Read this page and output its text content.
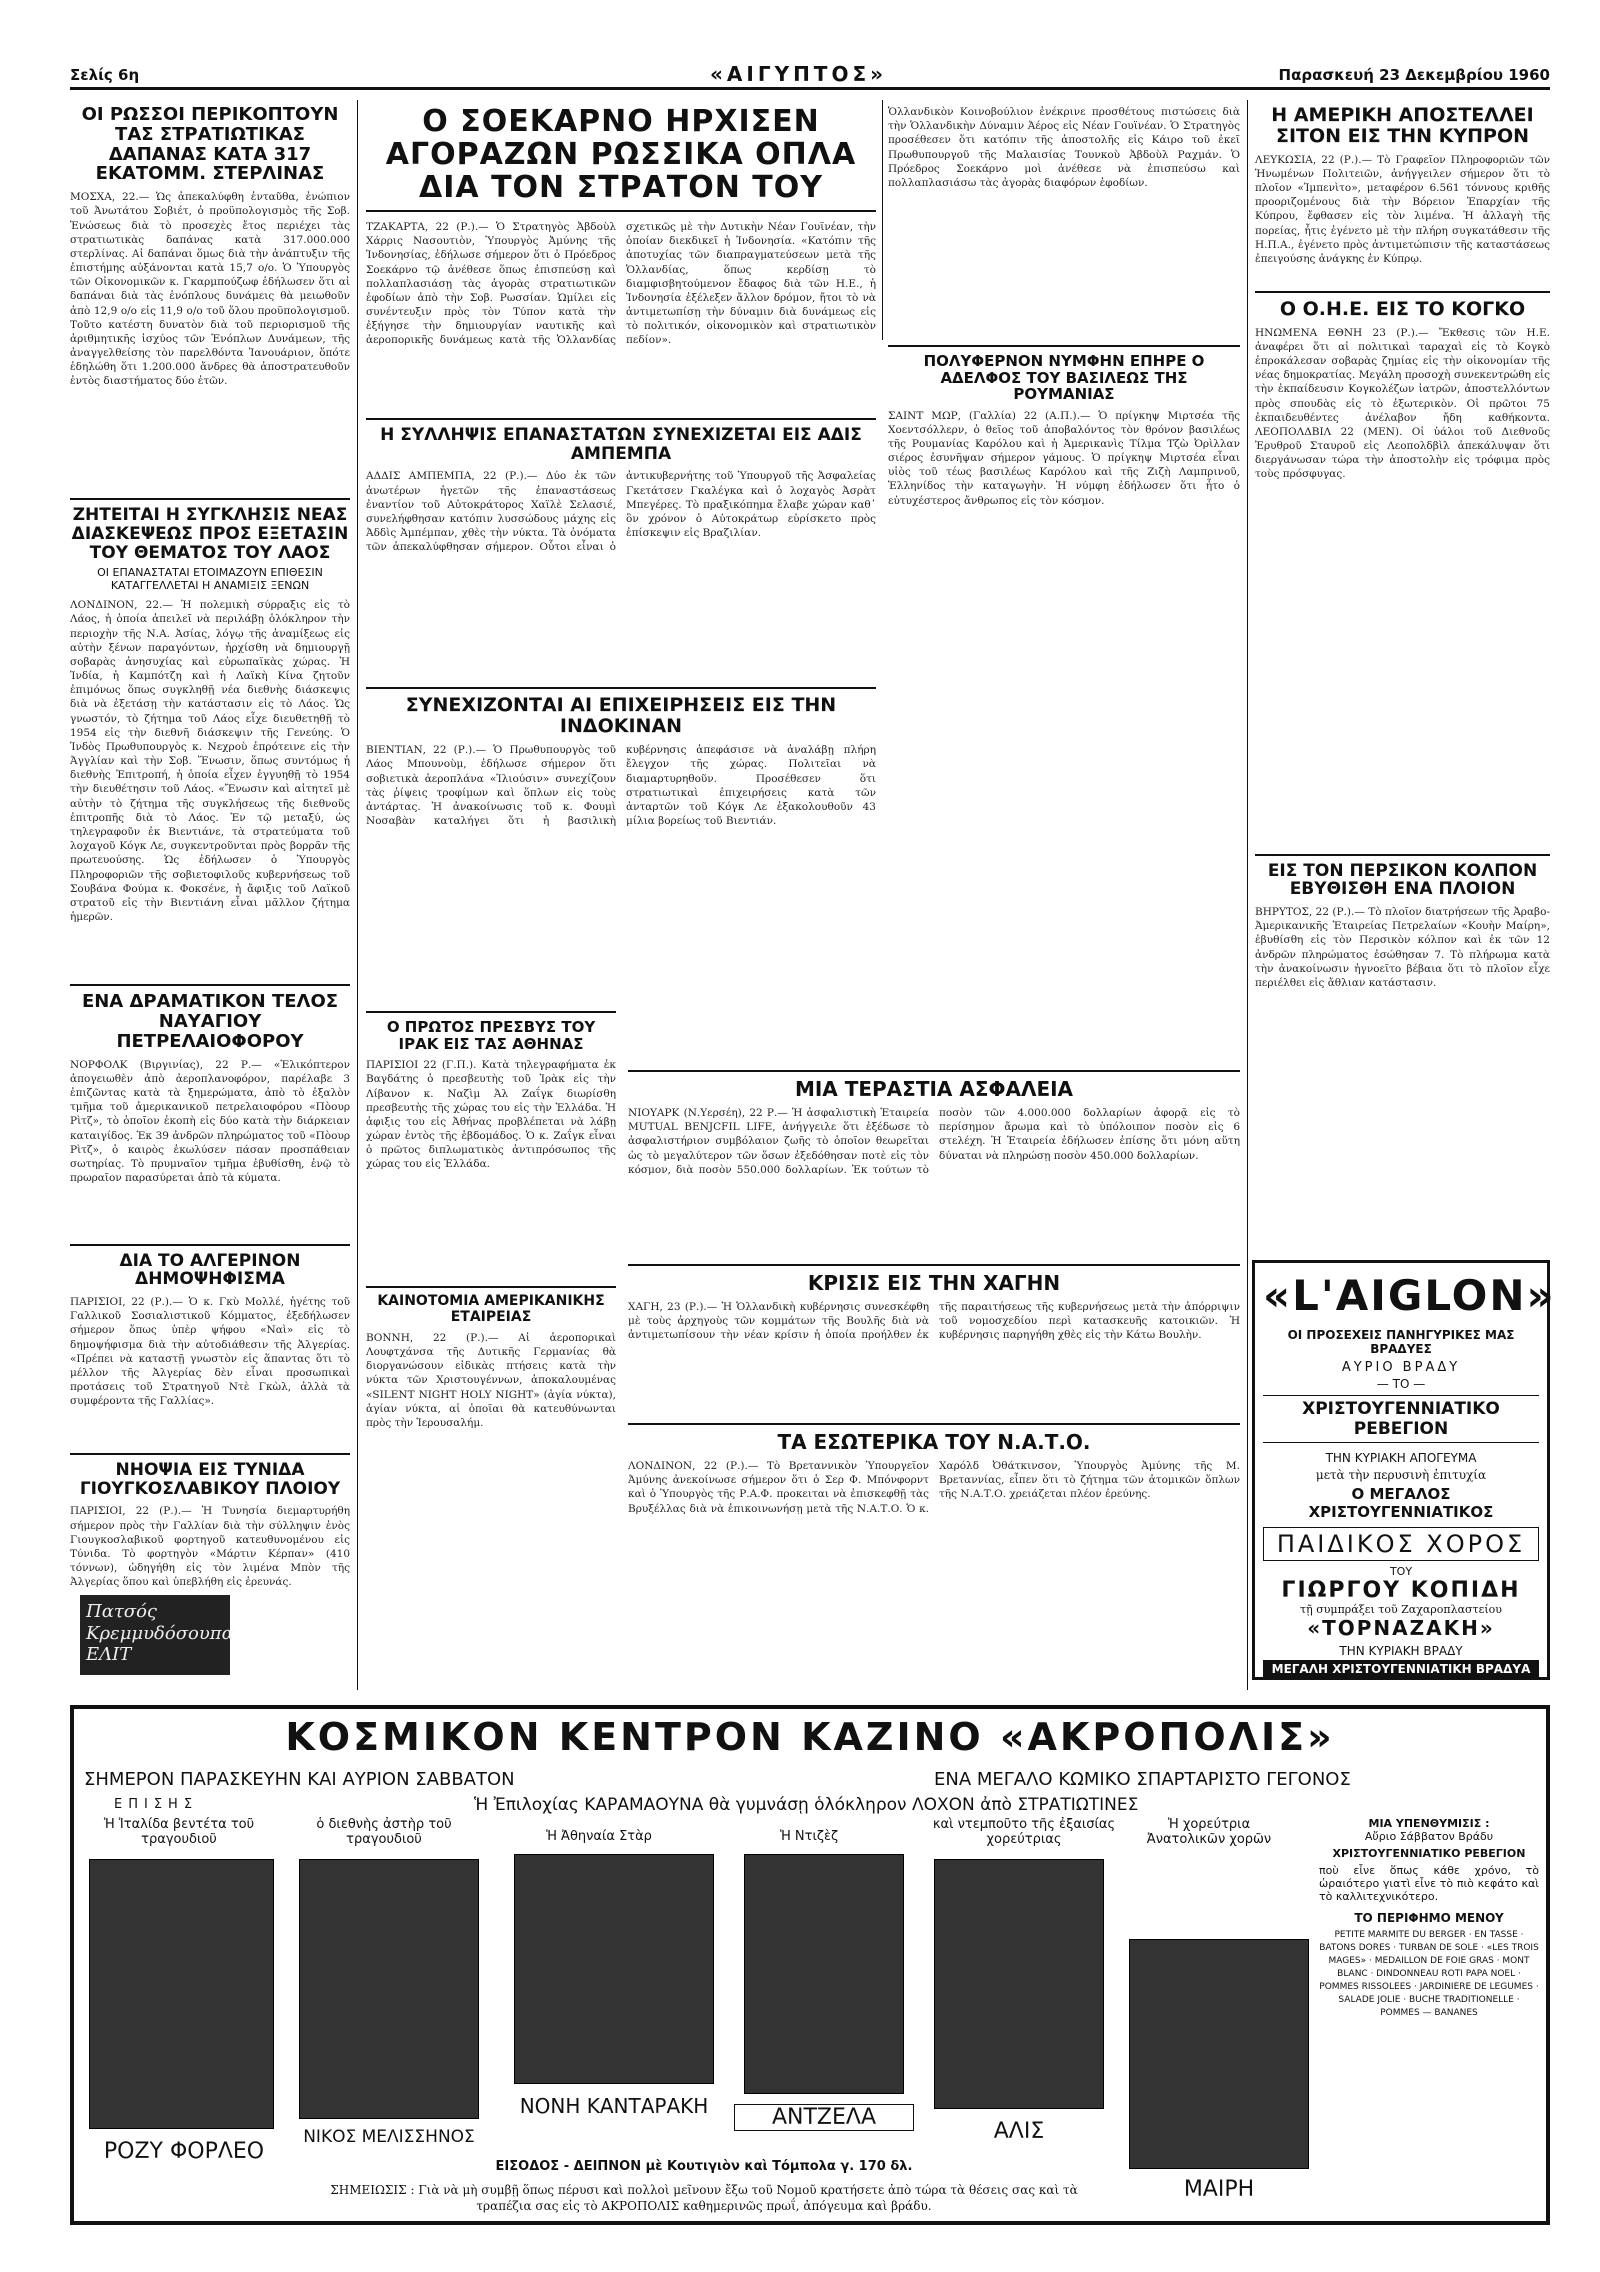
Σελίς 6η	«ΑΙΓΥΠΤΟΣ»	Παρασκευή 23 Δεκεμβρίου 1960
ΟΙ ΡΩΣΣΟΙ ΠΕΡΙΚΟΠΤΟΥΝ ΤΑΣ ΣΤΡΑΤΙΩΤΙΚΑΣ ΔΑΠΑΝΑΣ ΚΑΤΑ 317 ΕΚΑΤΟΜΜ. ΣΤΕΡΛΙΝΑΣ
ΜΟΣΧΑ, 22.— Ὡς ἀπεκαλύφθη ἐνταῦθα, ἐνώπιον τοῦ Ἀνωτάτου Σοβιέτ, ὁ προϋπολογισμὸς τῆς Σοβ. Ἑνώσεως διὰ τὸ προσεχὲς ἔτος περιέχει τὰς στρατιωτικὰς δαπάνας κατὰ 317.000.000 στερλίνας. Αἱ δαπάναι ὅμως διὰ τὴν ἀνάπτυξιν τῆς ἐπιστήμης αὐξάνονται κατὰ 15,7 ο/ο. Ὁ Ὑπουργὸς τῶν Οἰκονομικῶν κ. Γκαρμπούζωφ ἐδήλωσεν ὅτι αἱ δαπάναι διὰ τὰς ἐνόπλους δυνάμεις θὰ μειωθοῦν ἀπὸ 12,9 ο/ο εἰς 11,9 ο/ο τοῦ ὅλου προϋπολογισμοῦ. Τοῦτο κατέστη δυνατὸν διὰ τοῦ περιορισμοῦ τῆς ἀριθμητικῆς ἰσχύος τῶν Ἐνόπλων Δυνάμεων, τῆς ἀναγγελθείσης τὸν παρελθόντα Ἰανουάριον, ὅπότε ἐδηλώθη ὅτι 1.200.000 ἄνδρες θὰ ἀποστρατευθοῦν ἐντὸς διαστήματος δύο ἐτῶν.
ΖΗΤΕΙΤΑΙ Η ΣΥΓΚΛΗΣΙΣ ΝΕΑΣ ΔΙΑΣΚΕΨΕΩΣ ΠΡΟΣ ΕΞΕΤΑΣΙΝ ΤΟΥ ΘΕΜΑΤΟΣ ΤΟΥ ΛΑΟΣ
ΟΙ ΕΠΑΝΑΣΤΑΤΑΙ ΕΤΟΙΜΑΖΟΥΝ ΕΠΙΘΕΣΙΝ ΚΑΤΑΓΓΕΛΛΕΤΑΙ Η ΑΝΑΜΙΞΙΣ ΞΕΝΩΝ
ΛΟΝΔΙΝΟΝ, 22.— Ἡ πολεμικὴ σύρραξις εἰς τὸ Λάος, ἡ ὁποία ἀπειλεῖ νὰ περιλάβῃ ὁλόκληρον τὴν περιοχὴν τῆς Ν.Α. Ἀσίας, λόγῳ τῆς ἀναμίξεως εἰς αὐτὴν ξένων παραγόντων, ἠρχίσθη νὰ δημιουργῇ σοβαρὰς ἀνησυχίας καὶ εὐρωπαϊκὰς χώρας. Ἡ Ἰνδία, ἡ Καμπότζη καὶ ἡ Λαϊκὴ Κίνα ζητοῦν ἐπιμόνως ὅπως συγκληθῇ νέα διεθνὴς διάσκεψις διὰ νὰ ἐξετάσῃ τὴν κατάστασιν εἰς τὸ Λάος. Ὡς γνωστόν, τὸ ζήτημα τοῦ Λάος εἶχε διευθετηθῇ τὸ 1954 εἰς τὴν διεθνῆ διάσκεψιν τῆς Γενεύης. Ὁ Ἰνδὸς Πρωθυπουργὸς κ. Νεχροὺ ἐπρότεινε εἰς τὴν Ἀγγλίαν καὶ τὴν Σοβ. Ἕνωσιν, ὅπως συντόμως ἡ διεθνὴς Ἐπιτροπή, ἡ ὁποία εἶχεν ἐγγυηθῇ τὸ 1954 τὴν διευθέτησιν τοῦ Λάος. «Ἔνωσιν καὶ αἰτητεῖ μὲ αὐτὴν τὸ ζήτημα τῆς συγκλήσεως τῆς διεθνοῦς ἐπιτροπῆς διὰ τὸ Λάος. Ἐν τῷ μεταξύ, ὡς τηλεγραφοῦν ἐκ Βιεντιάνε, τὰ στρατεύματα τοῦ λοχαγοῦ Κόγκ Λε, συγκεντροῦνται πρὸς βορρᾶν τῆς πρωτευούσης. Ὡς ἐδήλωσεν ὁ Ὑπουργὸς Πληροφοριῶν τῆς σοβιετοφιλοῦς κυβερνήσεως τοῦ Σουβάνα Φούμα κ. Φοκσένε, ἡ ἄφιξις τοῦ Λαϊκοῦ στρατοῦ εἰς τὴν Βιεντιάνη εἶναι μᾶλλον ζήτημα ἡμερῶν.
ΕΝΑ ΔΡΑΜΑΤΙΚΟΝ ΤΕΛΟΣ ΝΑΥΑΓΙΟΥ ΠΕΤΡΕΛΑΙΟΦΟΡΟΥ
ΝΟΡΦΟΛΚ (Βιργινίας), 22 Ρ.— «Ἐλικόπτερον ἀπογειωθὲν ἀπὸ ἀεροπλανοφόρον, παρέλαβε 3 ἐπιζῶντας κατὰ τὰ ξημερώματα, ἀπὸ τὸ ἐξαλὸν τμῆμα τοῦ ἀμερικανικοῦ πετρελαιοφόρου «Πὸουρ Ρὶτζ», τὸ ὁποῖον ἐκοπὴ εἰς δύο κατὰ τὴν διάρκειαν καταιγίδος. Ἐκ 39 ἀνδρῶν πληρώματος τοῦ «Πὸουρ Ρὶτζ», ὁ καιρὸς ἐκωλύσεν πάσαν προσπάθειαν σωτηρίας. Τὸ πρυμναῖον τμῆμα ἐβυθίσθη, ἐνῷ τὸ πρωραῖον παρασύρεται ἀπὸ τὰ κύματα.
ΔΙΑ ΤΟ ΑΛΓΕΡΙΝΟΝ ΔΗΜΟΨΗΦΙΣΜΑ
ΠΑΡΙΣΙΟΙ, 22 (Ρ.).— Ὁ κ. Γκὺ Μολλέ, ἡγέτης τοῦ Γαλλικοῦ Σοσιαλιστικοῦ Κόμματος, ἐξεδήλωσεν σήμερον ὅπως ὑπὲρ ψήφου «Ναὶ» εἰς τὸ δημοψήφισμα διὰ τὴν αὐτοδιάθεσιν τῆς Ἀλγερίας. «Πρέπει νὰ καταστῇ γνωστὸν εἰς ἅπαντας ὅτι τὸ μέλλον τῆς Ἀλγερίας δὲν εἶναι προσωπικαὶ προτάσεις τοῦ Στρατηγοῦ Ντὲ Γκὼλ, ἀλλὰ τὰ συμφέροντα τῆς Γαλλίας».
ΝΗΟΨΙΑ ΕΙΣ ΤΥΝΙΔΑ ΓΙΟΥΓΚΟΣΛΑΒΙΚΟΥ ΠΛΟΙΟΥ
ΠΑΡΙΣΙΟΙ, 22 (Ρ.).— Ἡ Τυνησία διεμαρτυρήθη σήμερον πρὸς τὴν Γαλλίαν διὰ τὴν σύλληψιν ἑνὸς Γιουγκοσλαβικοῦ φορτηγοῦ κατευθυνομένου εἰς Τύνιδα. Τὸ φορτηγὸν «Μάρτιν Κέρπαν» (410 τόννων), ὡδηγήθη εἰς τὸν λιμένα Μπὸν τῆς Ἀλγερίας ὅπου καὶ ὑπεβλήθη εἰς ἐρευνάς.
Πατσός Κρεμμυδόσουπα ΕΛΙΤ
Ο ΣΟΕΚΑΡΝΟ ΗΡΧΙΣΕΝ ΑΓΟΡΑΖΩΝ ΡΩΣΣΙΚΑ ΟΠΛΑ ΔΙΑ ΤΟΝ ΣΤΡΑΤΟΝ ΤΟΥ
ΤΖΑΚΑΡΤΑ, 22 (Ρ.).— Ὁ Στρατηγὸς Ἀβδοὺλ Χάρρις Νασουτιὸν, Ὑπουργὸς Ἀμύνης τῆς Ἰνδονησίας, ἐδήλωσε σήμερον ὅτι ὁ Πρόεδρος Σοεκάρνο τῷ ἀνέθεσε ὅπως ἐπισπεύσῃ καὶ πολλαπλασιάσῃ τὰς ἀγορὰς στρατιωτικῶν ἐφοδίων ἀπὸ τὴν Σοβ. Ρωσσίαν. Ὡμίλει εἰς συνέντευξιν πρὸς τὸν Τύπον κατὰ τὴν ἐξήγησε τὴν δημιουργίαν ναυτικῆς καὶ ἀεροπορικῆς δυνάμεως κατὰ τῆς Ὁλλανδίας σχετικῶς μὲ τὴν Δυτικὴν Νέαν Γουϊνέαν, τὴν ὁποίαν διεκδικεῖ ἡ Ἰνδονησία. «Κατόπιν τῆς ἀποτυχίας τῶν διαπραγματεύσεων μετὰ τῆς Ὁλλανδίας, ὅπως κερδίσῃ τὸ διαμφισβητούμενον ἔδαφος διὰ τῶν Η.Ε., ἡ Ἰνδονησία ἐξέλεξεν ἄλλον δρόμον, ἤτοι τὸ νὰ ἀντιμετωπίσῃ τὴν δύναμιν διὰ δυνάμεως εἰς τὸ πολιτικόν, οἰκονομικὸν καὶ στρατιωτικὸν πεδίον».
Η ΣΥΛΛΗΨΙΣ ΕΠΑΝΑΣΤΑΤΩΝ ΣΥΝΕΧΙΖΕΤΑΙ ΕΙΣ ΑΔΙΣ ΑΜΠΕΜΠΑ
ΑΔΔΙΣ ΑΜΠΕΜΠΑ, 22 (Ρ.).— Δύο ἐκ τῶν ἀνωτέρων ἡγετῶν τῆς ἐπαναστάσεως ἐναντίον τοῦ Αὐτοκράτορος Χαϊλὲ Σελασιέ, συνελήφθησαν κατόπιν λυσσώδους μάχης εἰς Ἀδδὶς Ἀμπέμπαν, χθὲς τὴν νύκτα. Τὰ ὀνόματα τῶν ἀπεκαλύφθησαν σήμερον. Οὗτοι εἶναι ὁ ἀντικυβερνήτης τοῦ Ὑπουργοῦ τῆς Ἀσφαλείας Γκετάτσεν Γκαλέγκα καὶ ὁ λοχαγὸς Ἀσρὰτ Μπεγέρες. Τὸ πραξικόπημα ἔλαβε χώραν καθ᾽ ὃν χρόνον ὁ Αὐτοκράτωρ εὑρίσκετο πρὸς ἐπίσκεψιν εἰς Βραζιλίαν.
ΣΥΝΕΧΙΖΟΝΤΑΙ ΑΙ ΕΠΙΧΕΙΡΗΣΕΙΣ ΕΙΣ ΤΗΝ ΙΝΔΟΚΙΝΑΝ
ΒΙΕΝΤΙΑΝ, 22 (Ρ.).— Ὁ Πρωθυπουργὸς τοῦ Λάος Μπουνοὺμ, ἐδήλωσε σήμερον ὅτι σοβιετικὰ ἀεροπλάνα «Ἰλιούσιν» συνεχίζουν τὰς ῥίψεις τροφίμων καὶ ὅπλων εἰς τοὺς ἀντάρτας. Ἡ ἀνακοίνωσις τοῦ κ. Φουμὶ Νοσαβὰν καταλήγει ὅτι ἡ βασιλικὴ κυβέρνησις ἀπεφάσισε νὰ ἀναλάβῃ πλήρη ἔλεγχον τῆς χώρας. Πολιτεῖαι νὰ διαμαρτυρηθοῦν. Προσέθεσεν ὅτι στρατιωτικαὶ ἐπιχειρήσεις κατὰ τῶν ἀνταρτῶν τοῦ Κόγκ Λε ἐξακολουθοῦν 43 μίλια βορείως τοῦ Βιεντιάν.
Ο ΠΡΩΤΟΣ ΠΡΕΣΒΥΣ ΤΟΥ ΙΡΑΚ ΕΙΣ ΤΑΣ ΑΘΗΝΑΣ
ΠΑΡΙΣΙΟΙ 22 (Γ.Π.). Κατὰ τηλεγραφήματα ἐκ Βαγδάτης ὁ πρεσβευτὴς τοῦ Ἰρὰκ εἰς τὴν Λίβανον κ. Ναζὶμ Ἀλ Ζαΐγκ διωρίσθη πρεσβευτὴς τῆς χώρας του εἰς τὴν Ἑλλάδα. Ἡ ἀφιξις του εἰς Ἀθήνας προβλέπεται νὰ λάβῃ χώραν ἐντὸς τῆς ἑβδομάδος. Ὁ κ. Ζαΐγκ εἶναι ὁ πρῶτος διπλωματικὸς ἀντιπρόσωπος τῆς χώρας του εἰς Ἑλλάδα.
ΚΑΙΝΟΤΟΜΙΑ ΑΜΕΡΙΚΑΝΙΚΗΣ ΕΤΑΙΡΕΙΑΣ
ΒΟΝΝΗ, 22 (Ρ.).— Αἱ ἀεροπορικαὶ Λουφτχάνσα τῆς Δυτικῆς Γερμανίας θὰ διοργανώσουν εἰδικὰς πτήσεις κατὰ τὴν νύκτα τῶν Χριστουγέννων, ἀποκαλουμένας «SILENT NIGHT HOLY NIGHT» (ἁγία νύκτα), ἀγίαν νύκτα, αἱ ὁποῖαι θὰ κατευθύνωνται πρὸς τὴν Ἱερουσαλήμ.
Ὁλλανδικὸν Κοινοβούλιον ἐνέκρινε προσθέτους πιστώσεις διὰ τὴν Ὁλλανδικὴν Δύναμιν Ἀέρος εἰς Νέαν Γουϊνέαν. Ὁ Στρατηγὸς προσέθεσεν ὅτι κατόπιν τῆς ἀποστολῆς εἰς Κάιρο τοῦ ἐκεῖ Πρωθυπουργοῦ τῆς Μαλαισίας Τουνκοὺ Ἀβδοὺλ Ραχμάν. Ὁ Πρόεδρος Σοεκάρνο μοὶ ἀνέθεσε νὰ ἐπισπεύσω καὶ πολλαπλασιάσω τὰς ἀγορὰς διαφόρων ἐφοδίων.
ΠΟΛΥΦΕΡΝΟΝ ΝΥΜΦΗΝ ΕΠΗΡΕ Ο ΑΔΕΛΦΟΣ ΤΟΥ ΒΑΣΙΛΕΩΣ ΤΗΣ ΡΟΥΜΑΝΙΑΣ
ΣΑΙΝΤ ΜΩΡ, (Γαλλία) 22 (Α.Π.).— Ὁ πρίγκηψ Μιρτσέα τῆς Χοεντσόλλερν, ὁ θεῖος τοῦ ἀποβαλόντος τὸν θρόνον βασιλέως τῆς Ρουμανίας Καρόλου καὶ ἡ Ἀμερικανὶς Τίλμα Τζὼ Ὀρὶλλαν σιέρος ἐσυνῆψαν σήμερον γάμους. Ὁ πρίγκηψ Μιρτσέα εἶναι υἱὸς τοῦ τέως βασιλέως Καρόλου καὶ τῆς Ζιζὴ Λαμπρινοῦ, Ἑλληνίδος τὴν καταγωγὴν. Ἡ νύμφη ἐδήλωσεν ὅτι ἦτο ὁ εὐτυχέστερος ἄνθρωπος εἰς τὸν κόσμον.
ΜΙΑ ΤΕΡΑΣΤΙΑ ΑΣΦΑΛΕΙΑ
ΝΙΟΥΑΡΚ (Ν.Υερσέη), 22 Ρ.— Ἡ ἀσφαλιστικὴ Ἑταιρεία MUTUAL BENJCFIL LIFE, ἀνήγγειλε ὅτι ἐξέδωσε τὸ ἀσφαλιστήριον συμβόλαιον ζωῆς τὸ ὁποῖον θεωρεῖται ὡς τὸ μεγαλύτερον τῶν ὅσων ἐξεδόθησαν ποτὲ εἰς τὸν κόσμον, διὰ ποσὸν 550.000 δολλαρίων. Ἐκ τούτων τὸ ποσὸν τῶν 4.000.000 δολλαρίων ἀφορᾷ εἰς τὸ περίσημον ἄρωμα καὶ τὸ ὑπόλοιπον ποσὸν εἰς 6 στελέχη. Ἡ Ἑταιρεία ἐδήλωσεν ἐπίσης ὅτι μόνη αὕτη δύναται νὰ πληρώσῃ ποσὸν 450.000 δολλαρίων.
ΚΡΙΣΙΣ ΕΙΣ ΤΗΝ ΧΑΓΗΝ
ΧΑΓΗ, 23 (Ρ.).— Ἡ Ὁλλανδικὴ κυβέρνησις συνεσκέφθη μὲ τοὺς ἀρχηγοὺς τῶν κομμάτων τῆς Βουλῆς διὰ νὰ ἀντιμετωπίσουν τὴν νέαν κρίσιν ἡ ὁποία προήλθεν ἐκ τῆς παραιτήσεως τῆς κυβερνήσεως μετὰ τὴν ἀπόρριψιν τοῦ νομοσχεδίου περὶ κατασκευῆς κατοικιῶν. Ἡ κυβέρνησις παρηγήθη χθὲς εἰς τὴν Κάτω Βουλὴν.
ΤΑ ΕΣΩΤΕΡΙΚΑ ΤΟΥ Ν.Α.Τ.Ο.
ΛΟΝΔΙΝΟΝ, 22 (Ρ.).— Τὸ Βρεταννικὸν Ὑπουργεῖον Ἀμύνης ἀνεκοίνωσε σήμερον ὅτι ὁ Σερ Φ. Μπόνφορντ καὶ ὁ Ὑπουργὸς τῆς Ρ.Α.Φ. προκειται νὰ ἐπισκεφθῇ τὰς Βρυξέλλας διὰ νὰ ἐπικοινωνήσῃ μετὰ τῆς Ν.Α.Τ.Ο. Ὁ κ. Χαρόλδ Ὀθάτκινσον, Ὑπουργὸς Ἀμύνης τῆς Μ. Βρεταννίας, εἶπεν ὅτι τὸ ζήτημα τῶν ἀτομικῶν ὅπλων τῆς Ν.Α.Τ.Ο. χρειάζεται πλέον ἐρεύνης.
Η ΑΜΕΡΙΚΗ ΑΠΟΣΤΕΛΛΕΙ ΣΙΤΟΝ ΕΙΣ ΤΗΝ ΚΥΠΡΟΝ
ΛΕΥΚΩΣΙΑ, 22 (Ρ.).— Τὸ Γραφεῖον Πληροφοριῶν τῶν Ἡνωμένων Πολιτειῶν, ἀνήγγειλεν σήμερον ὅτι τὸ πλοῖον «Ἰμπενὶτο», μεταφέρον 6.561 τόννους κριθῆς προοριζομένους διὰ τὴν Βόρειον Ἐπαρχίαν τῆς Κύπρου, ἔφθασεν εἰς τὸν λιμένα. Ἡ ἀλλαγὴ τῆς πορείας, ἦτις ἐγένετο μὲ τὴν πλήρη συγκατάθεσιν τῆς Η.Π.Α., ἐγένετο πρὸς ἀντιμετώπισιν τῆς καταστάσεως ἐπειγούσης ἀνάγκης ἐν Κύπρῳ.
Ο Ο.Η.Ε. ΕΙΣ ΤΟ ΚΟΓΚΟ
ΗΝΩΜΕΝΑ ΕΘΝΗ 23 (Ρ.).— Ἔκθεσις τῶν Η.Ε. ἀναφέρει ὅτι αἱ πολιτικαὶ ταραχαὶ εἰς τὸ Κογκὸ ἐπροκάλεσαν σοβαρὰς ζημίας εἰς τὴν οἰκονομίαν τῆς νέας δημοκρατίας. Μεγάλη προσοχὴ συνεκεντρώθη εἰς τὴν ἐκπαίδευσιν Κογκολέζων ἰατρῶν, ἀποστελλόντων πρὸς σπουδὰς εἰς τὸ ἐξωτερικὸν. Οἱ πρῶτοι 75 ἐκπαιδευθέντες ἀνέλαβον ἤδη καθήκοντα. ΛΕΟΠΟΛΔΒΙΛ 22 (ΜΕΝ). Οἱ ὑάλοι τοῦ Διεθνοῦς Ἐρυθροῦ Σταυροῦ εἰς Λεοπολδβὶλ ἀπεκάλυψαν ὅτι διεργάνωσαν τώρα τὴν ἀποστολὴν εἰς τρόφιμα πρὸς τοὺς πρόσφυγας.
ΕΙΣ ΤΟΝ ΠΕΡΣΙΚΟΝ ΚΟΛΠΟΝ ΕΒΥΘΙΣΘΗ ΕΝΑ ΠΛΟΙΟΝ
ΒΗΡΥΤΟΣ, 22 (Ρ.).— Τὸ πλοῖον διατρήσεων τῆς Ἀραβο-Ἀμερικανικῆς Ἑταιρείας Πετρελαίων «Κουὴν Μαίρη», ἐβυθίσθη εἰς τὸν Περσικὸν κόλπον καὶ ἐκ τῶν 12 ἀνδρῶν πληρώματος ἐσώθησαν 7. Τὸ πλήρωμα κατὰ τὴν ἀνακοίνωσιν ἠγνοεῖτο βέβαια ὅτι τὸ πλοῖον εἶχε περιέλθει εἰς ἄθλιαν κατάστασιν.
«L'AIGLON»
ΟΙ ΠΡΟΣΕΧΕΙΣ ΠΑΝΗΓΥΡΙΚΕΣ ΜΑΣ ΒΡΑΔΥΕΣ
ΑΥΡΙΟ ΒΡΑΔΥ
— ΤΟ —
ΧΡΙΣΤΟΥΓΕΝΝΙΑΤΙΚΟ ΡΕΒΕΓΙΟΝ
ΤΗΝ ΚΥΡΙΑΚΗ ΑΠΟΓΕΥΜΑ
μετὰ τὴν περυσινὴ ἐπιτυχία
Ο ΜΕΓΑΛΟΣ ΧΡΙΣΤΟΥΓΕΝΝΙΑΤΙΚΟΣ
ΠΑΙΔΙΚΟΣ ΧΟΡΟΣ
ΤΟΥ
ΓΙΩΡΓΟΥ ΚΟΠΙΔΗ
τῇ συμπράξει τοῦ Ζαχαροπλαστείου
«ΤΟΡΝΑΖΑΚΗ»
ΤΗΝ ΚΥΡΙΑΚΗ ΒΡΑΔΥ
ΜΕΓΑΛΗ ΧΡΙΣΤΟΥΓΕΝΝΙΑΤΙΚΗ ΒΡΑΔΥΑ
ΚΟΣΜΙΚΟΝ ΚΕΝΤΡΟΝ ΚΑΖΙΝΟ «ΑΚΡΟΠΟΛΙΣ»
ΣΗΜΕΡΟΝ ΠΑΡΑΣΚΕΥΗΝ ΚΑΙ ΑΥΡΙΟΝ ΣΑΒΒΑΤΟΝ	ΕΝΑ ΜΕΓΑΛΟ ΚΩΜΙΚΟ ΣΠΑΡΤΑΡΙΣΤΟ ΓΕΓΟΝΟΣ
Ἡ Ἐπιλοχίας ΚΑΡΑΜΑΟΥΝΑ θὰ γυμνάσῃ ὁλόκληρον ΛΟΧΟΝ ἀπὸ ΣΤΡΑΤΙΩΤΙΝΕΣ
ΕΠΙΣΗΣ
Ἡ Ἰταλίδα βεντέτα τοῦ τραγουδιοῦ
ΡΟΖΥ ΦΟΡΛΕΟ
ὁ διεθνὴς ἀστὴρ τοῦ τραγουδιοῦ
ΝΙΚΟΣ ΜΕΛΙΣΣΗΝΟΣ
Ἡ Ἀθηναία Στὰρ
ΝΟΝΗ ΚΑΝΤΑΡΑΚΗ
Ἡ Ντιζὲζ
ΑΝΤΖΕΛΑ
καὶ ντεμποῦτο τῆς ἐξαισίας χορεύτριας
ΑΛΙΣ
Ἡ χορεύτρια Ἀνατολικῶν χορῶν
ΜΑΙΡΗ
ΜΙΑ ΥΠΕΝΘΥΜΙΣΙΣ :
Αὔριο Σάββατον Βράδυ
ΧΡΙΣΤΟΥΓΕΝΝΙΑΤΙΚΟ ΡΕΒΕΓΙΟΝ
ποὺ εἶνε ὅπως κάθε χρόνο, τὸ ὡραιότερο γιατὶ εἶνε τὸ πιὸ κεφάτο καὶ τὸ καλλιτεχνικότερο.
ΤΟ ΠΕΡΙΦΗΜΟ MENOY
PETITE MARMITE DU BERGER · EN TASSE · BATONS DORES · TURBAN DE SOLE · «LES TROIS MAGES» · MEDAILLON DE FOIE GRAS · MONT BLANC · DINDONNEAU ROTI PAPA NOEL · POMMES RISSOLEES · JARDINIERE DE LEGUMES · SALADE JOLIE · BUCHE TRADITIONELLE · POMMES — BANANES
ΕΙΣΟΔΟΣ - ΔΕΙΠΝΟΝ μὲ Κουτιγιὸν καὶ Τόμπολα γ. 170 δλ.
ΣΗΜΕΙΩΣΙΣ : Γιὰ νὰ μὴ συμβῇ ὅπως πέρυσι καὶ πολλοὶ μεῖνουν ἔξω τοῦ Νομοῦ κρατήσετε ἀπὸ τώρα τὰ θέσεις σας καὶ τὰ τραπέζια σας εἰς τὸ ΑΚΡΟΠΟΛΙΣ καθημερινῶς πρωΐ, ἀπόγευμα καὶ βράδυ.
